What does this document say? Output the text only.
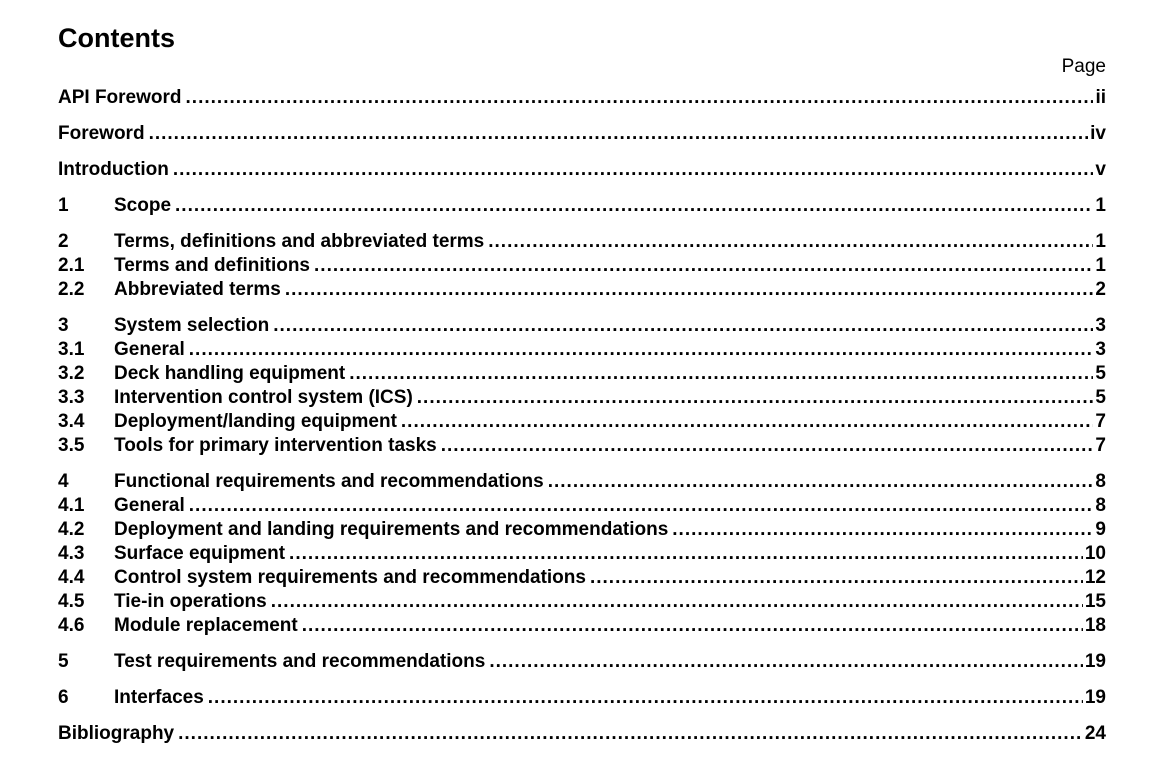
Contents
Page
API Foreword .....	ii
Foreword .....	iv
Introduction .....	v
1	Scope .....	1
2	Terms, definitions and abbreviated terms .....	1
2.1	Terms and definitions .....	1
2.2	Abbreviated terms .....	2
3	System selection .....	3
3.1	General .....	3
3.2	Deck handling equipment .....	5
3.3	Intervention control system (ICS) .....	5
3.4	Deployment/landing equipment .....	7
3.5	Tools for primary intervention tasks .....	7
4	Functional requirements and recommendations .....	8
4.1	General .....	8
4.2	Deployment and landing requirements and recommendations .....	9
4.3	Surface equipment .....	10
4.4	Control system requirements and recommendations .....	12
4.5	Tie-in operations .....	15
4.6	Module replacement .....	18
5	Test requirements and recommendations .....	19
6	Interfaces .....	19
Bibliography .....	24
